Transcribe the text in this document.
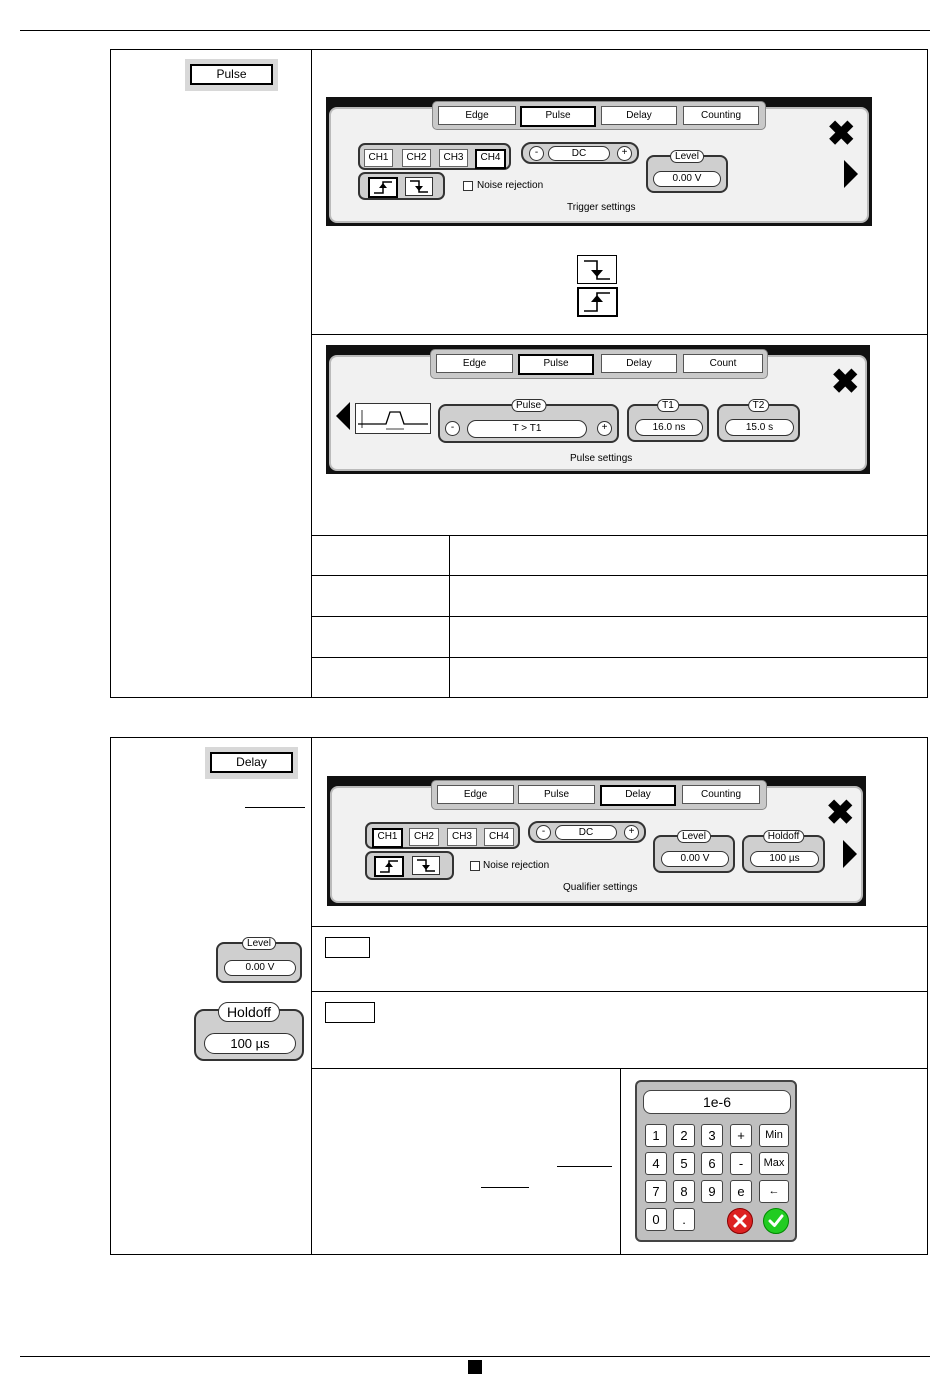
Pulse
Edge	Pulse	Delay	Counting
CH1	CH2	CH3	CH4	-	DC	+
Noise rejection
Level
0.00 V
Trigger settings
✖
Edge	Pulse	Delay	Count
Pulse
-	T > T1	+
T1
16.0 ns
T2
15.0 s
Pulse settings
✖
Delay
Edge	Pulse	Delay	Counting
CH1	CH2	CH3	CH4	-	DC	+
Noise rejection
Level
0.00 V
Holdoff
100 µs
Qualifier settings
✖
Level
0.00 V
Holdoff
100 µs
1e-6
1	2	3	+	Min
4	5	6	-	Max
7	8	9	e	←
0	.
